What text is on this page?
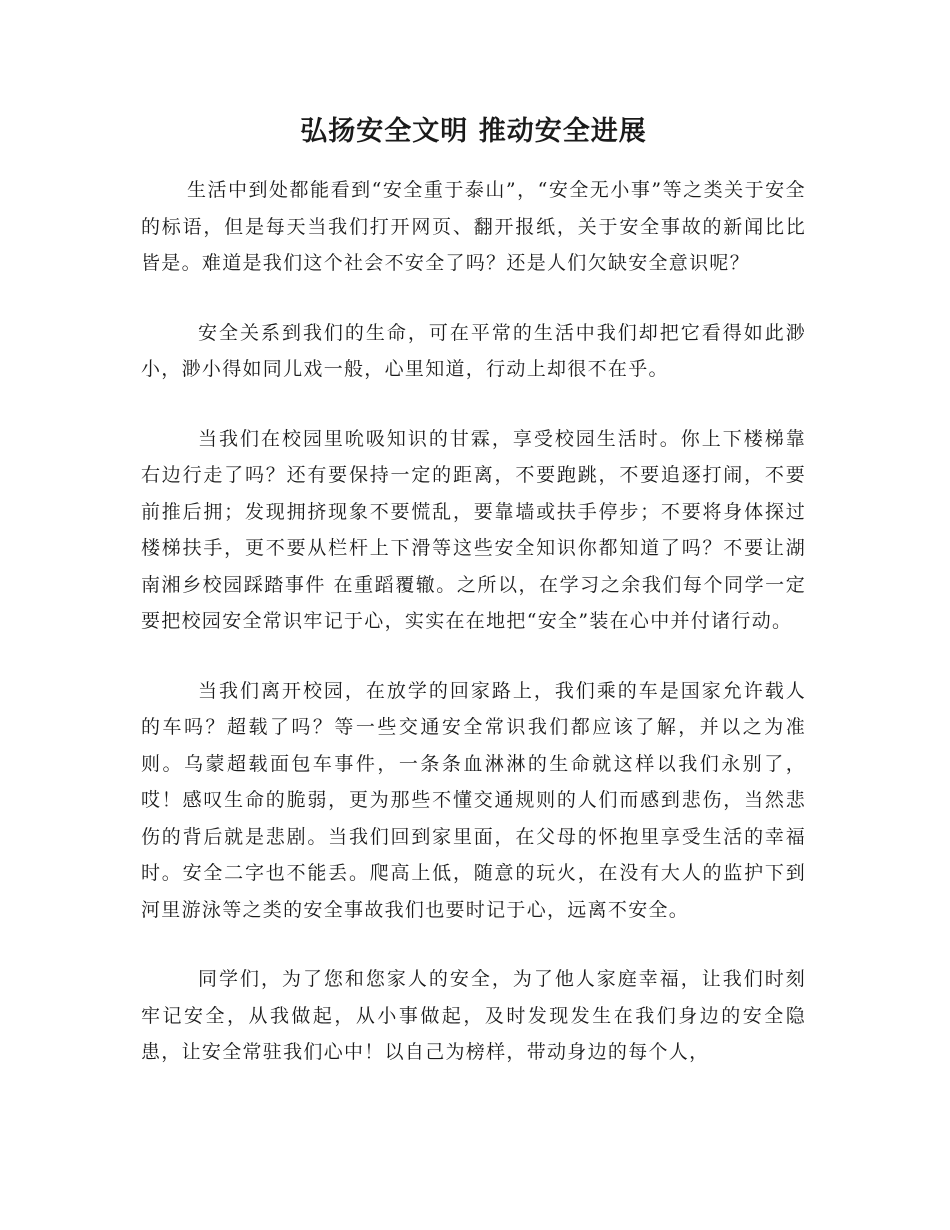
弘扬安全文明 推动安全进展

生活中到处都能看到“安全重于泰山”，“安全无小事”等之类关于安全的标语，但是每天当我们打开网页、翻开报纸，关于安全事故的新闻比比皆是。难道是我们这个社会不安全了吗？还是人们欠缺安全意识呢？

安全关系到我们的生命，可在平常的生活中我们却把它看得如此渺小，渺小得如同儿戏一般，心里知道，行动上却很不在乎。

当我们在校园里吮吸知识的甘霖，享受校园生活时。你上下楼梯靠右边行走了吗？还有要保持一定的距离，不要跑跳，不要追逐打闹，不要前推后拥；发现拥挤现象不要慌乱，要靠墙或扶手停步；不要将身体探过楼梯扶手，更不要从栏杆上下滑等这些安全知识你都知道了吗？不要让湖南湘乡校园踩踏事件 在重蹈覆辙。之所以，在学习之余我们每个同学一定要把校园安全常识牢记于心，实实在在地把“安全”装在心中并付诸行动。

当我们离开校园，在放学的回家路上，我们乘的车是国家允许载人的车吗？超载了吗？等一些交通安全常识我们都应该了解，并以之为准则。乌蒙超载面包车事件，一条条血淋淋的生命就这样以我们永别了，哎！感叹生命的脆弱，更为那些不懂交通规则的人们而感到悲伤，当然悲伤的背后就是悲剧。当我们回到家里面，在父母的怀抱里享受生活的幸福时。安全二字也不能丢。爬高上低，随意的玩火，在没有大人的监护下到河里游泳等之类的安全事故我们也要时记于心，远离不安全。

同学们，为了您和您家人的安全，为了他人家庭幸福，让我们时刻牢记安全，从我做起，从小事做起，及时发现发生在我们身边的安全隐患，让安全常驻我们心中！以自己为榜样，带动身边的每个人，
